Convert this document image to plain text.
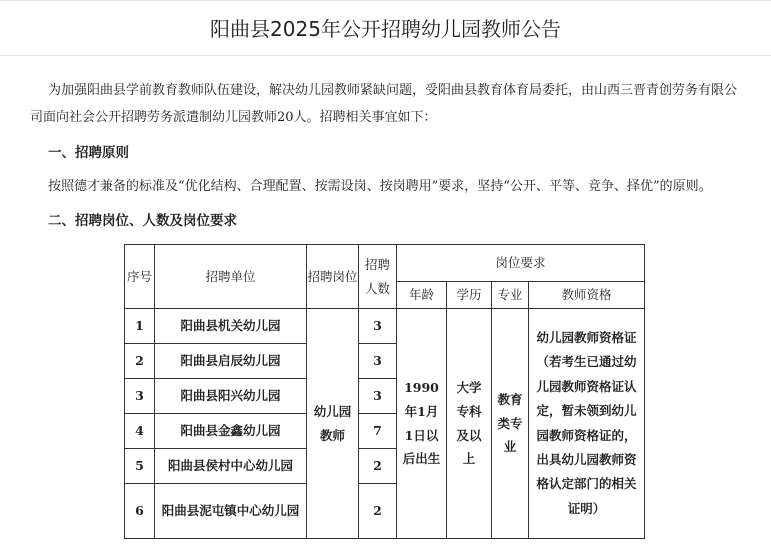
阳曲县2025年公开招聘幼儿园教师公告
为加强阳曲县学前教育教师队伍建设，解决幼儿园教师紧缺问题，受阳曲县教育体育局委托，由山西三晋青创劳务有限公
司面向社会公开招聘劳务派遣制幼儿园教师20人。招聘相关事宜如下：
一、招聘原则
按照德才兼备的标准及“优化结构、合理配置、按需设岗、按岗聘用”要求，坚持“公开、平等、竞争、择优”的原则。
二、招聘岗位、人数及岗位要求
序号	招聘单位	招聘岗位	招聘人数	岗位要求			
				年龄	学历	专业	教师资格
1	阳曲县机关幼儿园	幼儿园教师	3	1990年1月1日以后出生	大学专科及以上	教育类专业	幼儿园教师资格证（若考生已通过幼儿园教师资格证认定，暂未领到幼儿园教师资格证的，出具幼儿园教师资格认定部门的相关证明）
2	阳曲县启辰幼儿园		3				
3	阳曲县阳兴幼儿园		3				
4	阳曲县金鑫幼儿园		7				
5	阳曲县侯村中心幼儿园		2				
6	阳曲县泥屯镇中心幼儿园		2				
